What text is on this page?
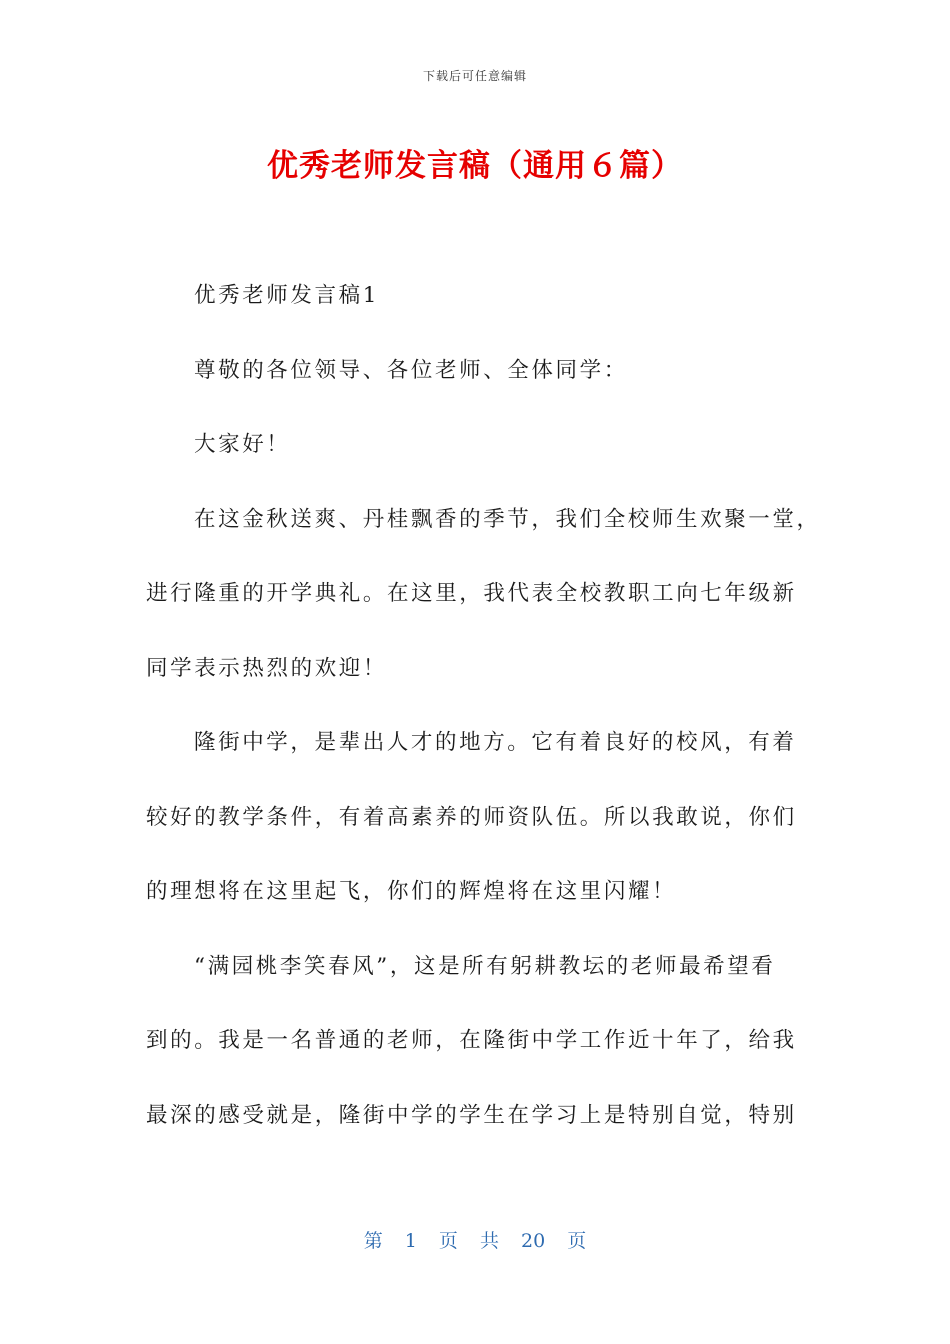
下载后可任意编辑
优秀老师发言稿（通用６篇）
优秀老师发言稿1
尊敬的各位领导、各位老师、全体同学：
大家好！
在这金秋送爽、丹桂飘香的季节，我们全校师生欢聚一堂，
进行隆重的开学典礼。在这里，我代表全校教职工向七年级新
同学表示热烈的欢迎！
隆街中学，是辈出人才的地方。它有着良好的校风，有着
较好的教学条件，有着高素养的师资队伍。所以我敢说，你们
的理想将在这里起飞，你们的辉煌将在这里闪耀！
“满园桃李笑春风”，这是所有躬耕教坛的老师最希望看
到的。我是一名普通的老师，在隆街中学工作近十年了，给我
最深的感受就是，隆街中学的学生在学习上是特别自觉，特别
第 1 页 共 20 页
